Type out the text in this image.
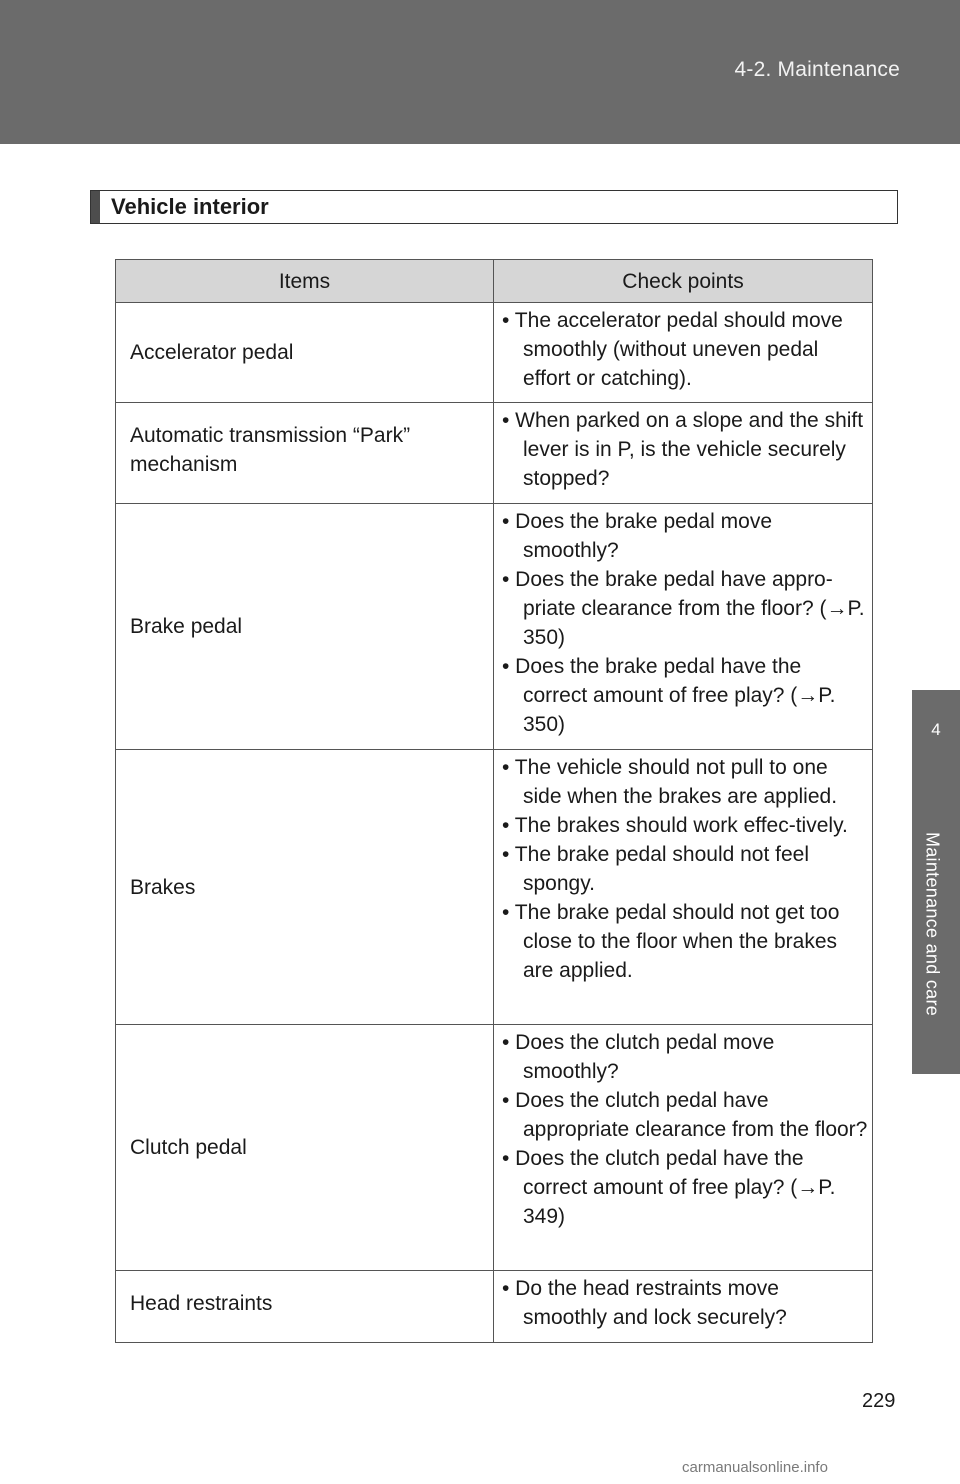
4-2. Maintenance
4
Maintenance and care
Vehicle interior
Items	Check points
Accelerator pedal	• The accelerator pedal should move smoothly (without uneven pedal effort or catching).

Automatic transmission “Park” mechanism	• When parked on a slope and the shift lever is in P, is the vehicle securely stopped?

Brake pedal	• Does the brake pedal move smoothly?
• Does the brake pedal have appro-priate clearance from the floor? (→P. 350)
• Does the brake pedal have the correct amount of free play? (→P. 350)

Brakes	• The vehicle should not pull to one side when the brakes are applied.
• The brakes should work effec-tively.
• The brake pedal should not feel spongy.
• The brake pedal should not get too close to the floor when the brakes are applied.

Clutch pedal	• Does the clutch pedal move smoothly?
• Does the clutch pedal have appropriate clearance from the floor?
• Does the clutch pedal have the correct amount of free play? (→P. 349)

Head restraints	• Do the head restraints move smoothly and lock securely?
229
carmanualsonline.info
